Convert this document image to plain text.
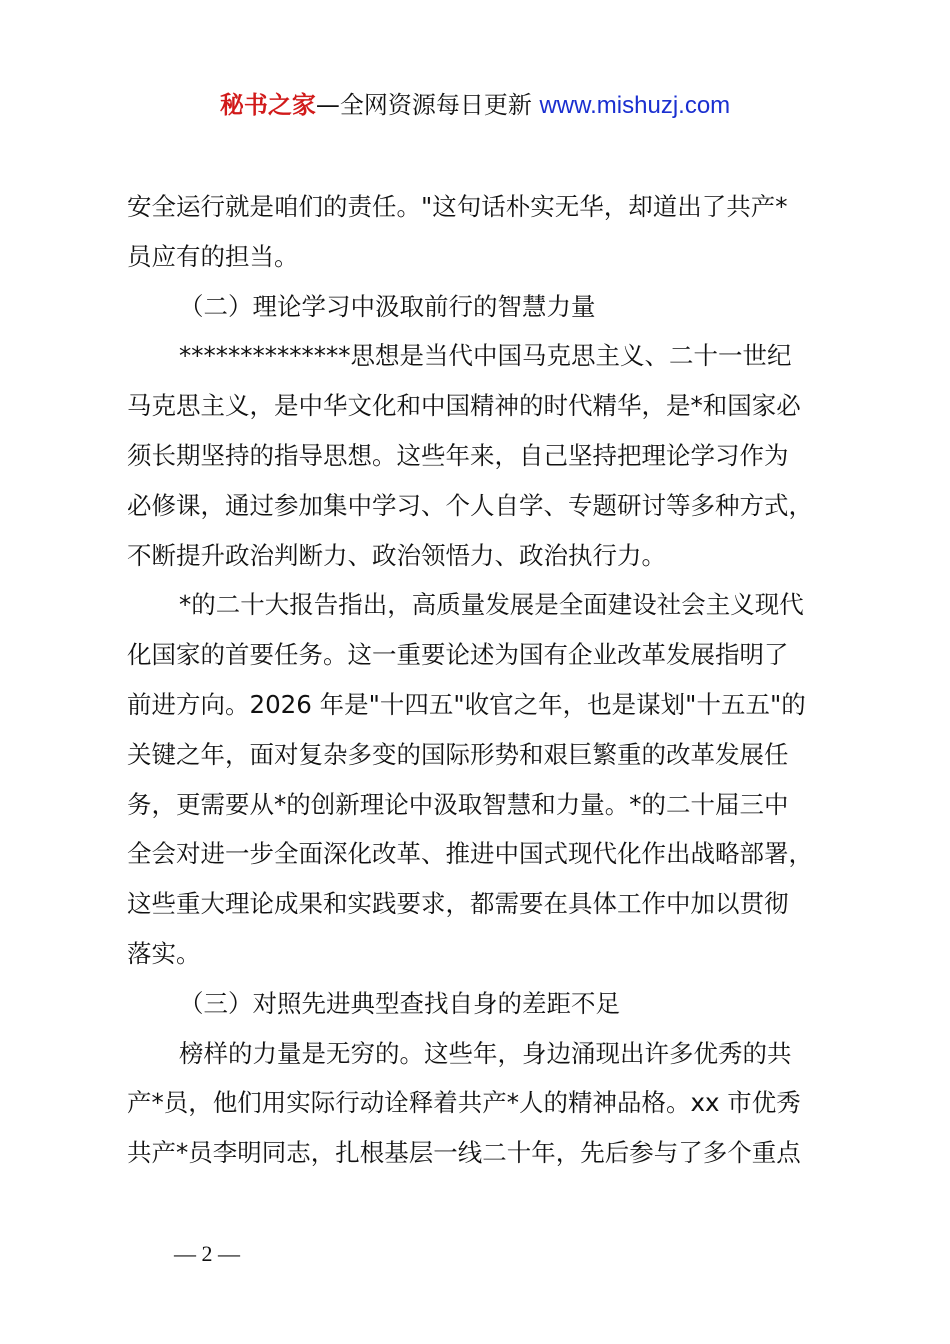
秘书之家—全网资源每日更新 www.mishuzj.com
安全运行就是咱们的责任。"这句话朴实无华，却道出了共产*
员应有的担当。
（二）理论学习中汲取前行的智慧力量
**************思想是当代中国马克思主义、二十一世纪
马克思主义，是中华文化和中国精神的时代精华，是*和国家必
须长期坚持的指导思想。这些年来，自己坚持把理论学习作为
必修课，通过参加集中学习、个人自学、专题研讨等多种方式，
不断提升政治判断力、政治领悟力、政治执行力。
*的二十大报告指出，高质量发展是全面建设社会主义现代
化国家的首要任务。这一重要论述为国有企业改革发展指明了
前进方向。2026 年是"十四五"收官之年，也是谋划"十五五"的
关键之年，面对复杂多变的国际形势和艰巨繁重的改革发展任
务，更需要从*的创新理论中汲取智慧和力量。*的二十届三中
全会对进一步全面深化改革、推进中国式现代化作出战略部署，
这些重大理论成果和实践要求，都需要在具体工作中加以贯彻
落实。
（三）对照先进典型查找自身的差距不足
榜样的力量是无穷的。这些年，身边涌现出许多优秀的共
产*员，他们用实际行动诠释着共产*人的精神品格。xx 市优秀
共产*员李明同志，扎根基层一线二十年，先后参与了多个重点
— 2 —
